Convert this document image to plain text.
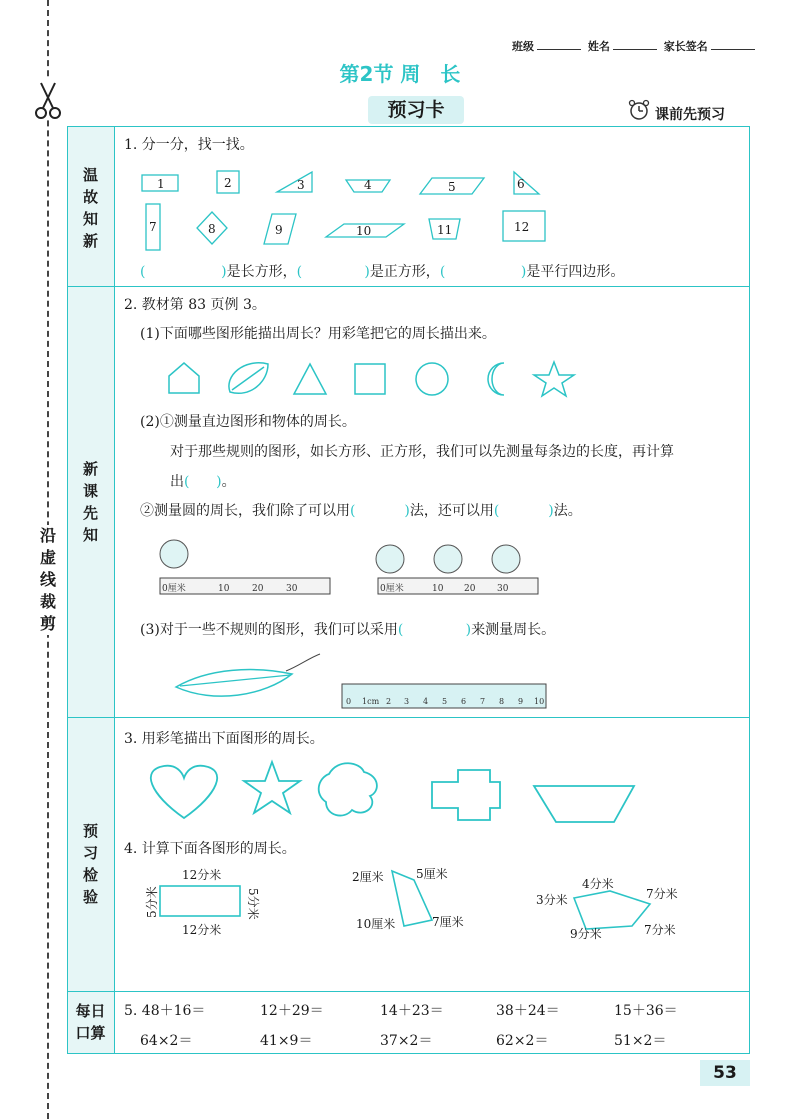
沿
虚
线
裁
剪
班级	姓名	家长签名
第2节 周　长
预习卡	课前先预习
温
故
知
新
新
课
先
知
预
习
检
验
每日
口算
1. 分一分，找一找。
(                 )是长方形，(              )是正方形，(                 )是平行四边形。
2. 教材第 83 页例 3。
(1)下面哪些图形能描出周长？用彩笔把它的周长描出来。
(2)①测量直边图形和物体的周长。
对于那些规则的图形，如长方形、正方形，我们可以先测量每条边的长度，再计算
出(      )。
②测量圆的周长，我们除了可以用(           )法，还可以用(           )法。
(3)对于一些不规则的图形，我们可以采用(              )来测量周长。
3. 用彩笔描出下面图形的周长。
4. 计算下面各图形的周长。
5. 48＋16＝	12＋29＝	14＋23＝	38＋24＝	15＋36＝
64×2＝	41×9＝	37×2＝	62×2＝	51×2＝
1	2	3	4	5	6
7	8	9	10	11	12
0厘米	10	20	30	0厘米	10 20 30
0 1cm 2 3 4 5 6 7 8 9 10
12分米
12分米
5分米	5分米
2厘米	5厘米
10厘米	7厘米
4分米
3分米	7分米
9分米	7分米
53
